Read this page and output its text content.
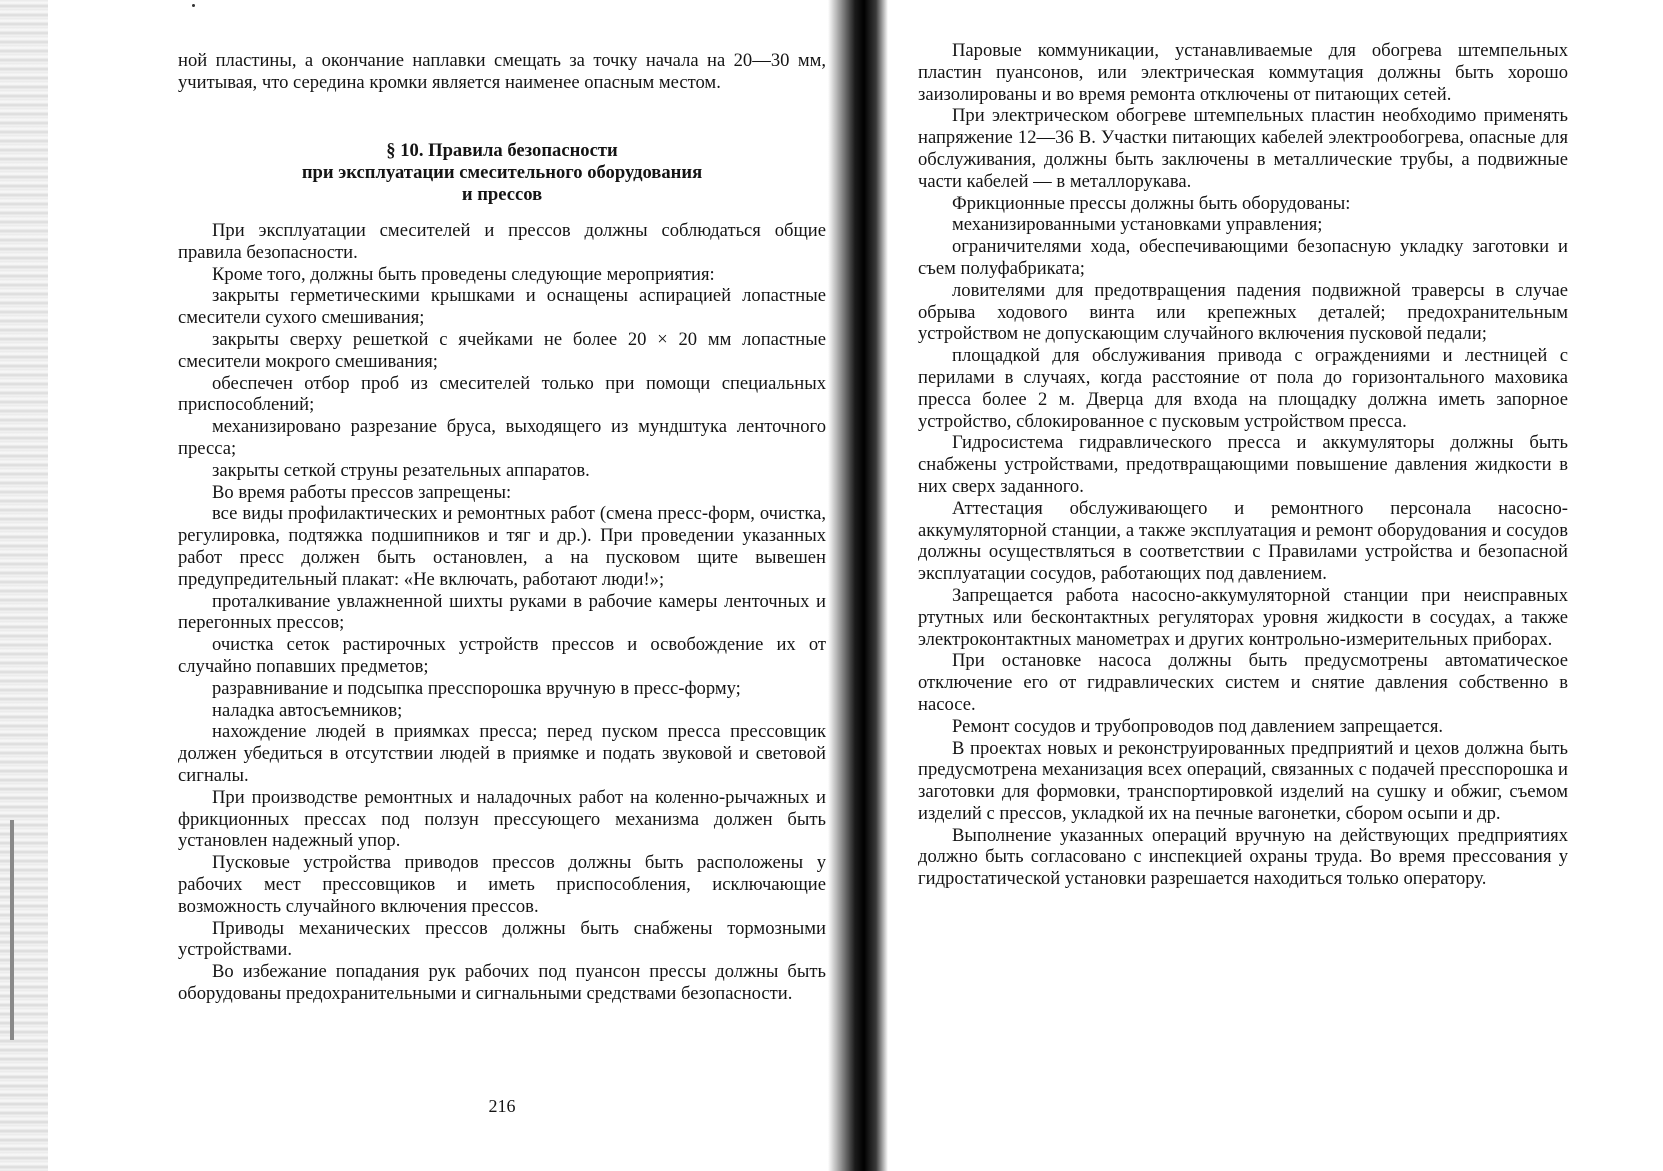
ной пластины, а окончание наплавки смещать за точку начала на 20—30 мм, учитывая, что середина кромки является наименее опасным местом.

§ 10. Правила безопасности
при эксплуатации смесительного оборудования
и прессов

При эксплуатации смесителей и прессов должны соблюдаться общие правила безопасности.

Кроме того, должны быть проведены следующие мероприятия:

закрыты герметическими крышками и оснащены аспирацией лопастные смесители сухого смешивания;

закрыты сверху решеткой с ячейками не более 20 × 20 мм лопастные смесители мокрого смешивания;

обеспечен отбор проб из смесителей только при помощи специальных приспособлений;

механизировано разрезание бруса, выходящего из мундштука ленточного пресса;

закрыты сеткой струны резательных аппаратов.

Во время работы прессов запрещены:

все виды профилактических и ремонтных работ (смена пресс-форм, очистка, регулировка, подтяжка подшипников и тяг и др.). При проведении указанных работ пресс должен быть остановлен, а на пусковом щите вывешен предупредительный плакат: «Не включать, работают люди!»;

проталкивание увлажненной шихты руками в рабочие камеры ленточных и перегонных прессов;

очистка сеток растирочных устройств прессов и освобождение их от случайно попавших предметов;

разравнивание и подсыпка пресспорошка вручную в пресс-форму;

наладка автосъемников;

нахождение людей в приямках пресса; перед пуском пресса прессовщик должен убедиться в отсутствии людей в приямке и подать звуковой и световой сигналы.

При производстве ремонтных и наладочных работ на коленно-рычажных и фрикционных прессах под ползун прессующего механизма должен быть установлен надежный упор.

Пусковые устройства приводов прессов должны быть расположены у рабочих мест прессовщиков и иметь приспособления, исключающие возможность случайного включения прессов.

Приводы механических прессов должны быть снабжены тормозными устройствами.

Во избежание попадания рук рабочих под пуансон прессы должны быть оборудованы предохранительными и сигнальными средствами безопасности.

216

Паровые коммуникации, устанавливаемые для обогрева штемпельных пластин пуансонов, или электрическая коммутация должны быть хорошо заизолированы и во время ремонта отключены от питающих сетей.

При электрическом обогреве штемпельных пластин необходимо применять напряжение 12—36 В. Участки питающих кабелей электрообогрева, опасные для обслуживания, должны быть заключены в металлические трубы, а подвижные части кабелей — в металлорукава.

Фрикционные прессы должны быть оборудованы:

механизированными установками управления;

ограничителями хода, обеспечивающими безопасную укладку заготовки и съем полуфабриката;

ловителями для предотвращения падения подвижной траверсы в случае обрыва ходового винта или крепежных деталей; предохранительным устройством не допускающим случайного включения пусковой педали;

площадкой для обслуживания привода с ограждениями и лестницей с перилами в случаях, когда расстояние от пола до горизонтального маховика пресса более 2 м. Дверца для входа на площадку должна иметь запорное устройство, сблокированное с пусковым устройством пресса.

Гидросистема гидравлического пресса и аккумуляторы должны быть снабжены устройствами, предотвращающими повышение давления жидкости в них сверх заданного.

Аттестация обслуживающего и ремонтного персонала насосно-аккумуляторной станции, а также эксплуатация и ремонт оборудования и сосудов должны осуществляться в соответствии с Правилами устройства и безопасной эксплуатации сосудов, работающих под давлением.

Запрещается работа насосно-аккумуляторной станции при неисправных ртутных или бесконтактных регуляторах уровня жидкости в сосудах, а также электроконтактных манометрах и других контрольно-измерительных приборах.

При остановке насоса должны быть предусмотрены автоматическое отключение его от гидравлических систем и снятие давления собственно в насосе.

Ремонт сосудов и трубопроводов под давлением запрещается.

В проектах новых и реконструированных предприятий и цехов должна быть предусмотрена механизация всех операций, связанных с подачей пресспорошка и заготовки для формовки, транспортировкой изделий на сушку и обжиг, съемом изделий с прессов, укладкой их на печные вагонетки, сбором осыпи и др.

Выполнение указанных операций вручную на действующих предприятиях должно быть согласовано с инспекцией охраны труда. Во время прессования у гидростатической установки разрешается находиться только оператору.
